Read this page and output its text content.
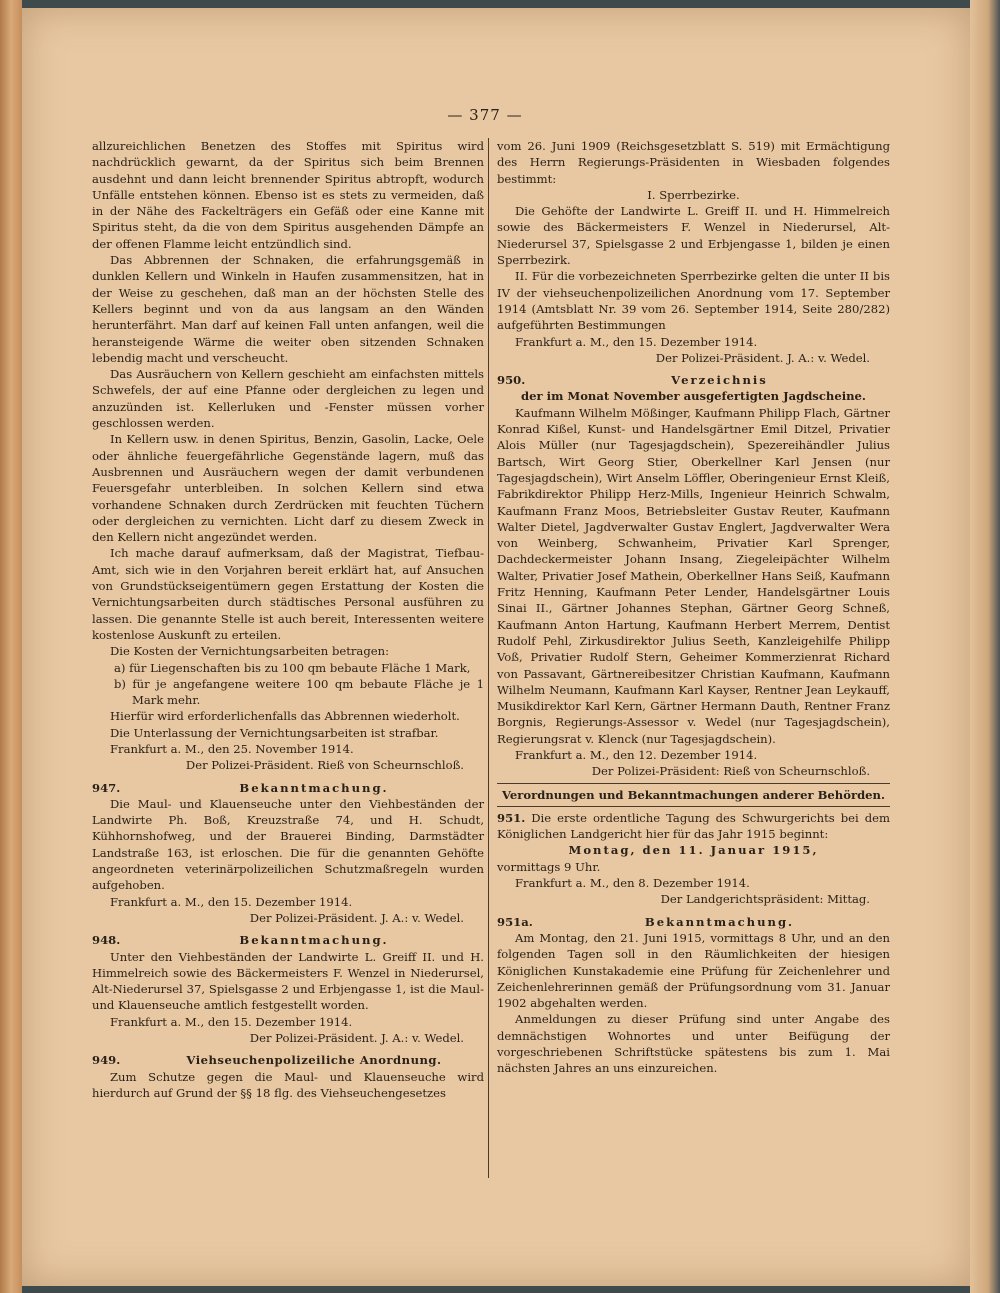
— 377 —

allzureichlichen Benetzen des Stoffes mit Spiritus wird nachdrücklich gewarnt, da der Spiritus sich beim Brennen ausdehnt und dann leicht brennender Spiritus abtropft, wodurch Unfälle entstehen können. Ebenso ist es stets zu vermeiden, daß in der Nähe des Fackelträgers ein Gefäß oder eine Kanne mit Spiritus steht, da die von dem Spiritus ausgehenden Dämpfe an der offenen Flamme leicht entzündlich sind.

Das Abbrennen der Schnaken, die erfahrungsgemäß in dunklen Kellern und Winkeln in Haufen zusammensitzen, hat in der Weise zu geschehen, daß man an der höchsten Stelle des Kellers beginnt und von da aus langsam an den Wänden herunterfährt. Man darf auf keinen Fall unten anfangen, weil die heransteigende Wärme die weiter oben sitzenden Schnaken lebendig macht und verscheucht.

Das Ausräuchern von Kellern geschieht am einfachsten mittels Schwefels, der auf eine Pfanne oder dergleichen zu legen und anzuzünden ist. Kellerluken und -Fenster müssen vorher geschlossen werden.

In Kellern usw. in denen Spiritus, Benzin, Gasolin, Lacke, Oele oder ähnliche feuergefährliche Gegenstände lagern, muß das Ausbrennen und Ausräuchern wegen der damit verbundenen Feuersgefahr unterbleiben. In solchen Kellern sind etwa vorhandene Schnaken durch Zerdrücken mit feuchten Tüchern oder dergleichen zu vernichten. Licht darf zu diesem Zweck in den Kellern nicht angezündet werden.

Ich mache darauf aufmerksam, daß der Magistrat, Tiefbau-Amt, sich wie in den Vorjahren bereit erklärt hat, auf Ansuchen von Grundstückseigentümern gegen Erstattung der Kosten die Vernichtungsarbeiten durch städtisches Personal ausführen zu lassen. Die genannte Stelle ist auch bereit, Interessenten weitere kostenlose Auskunft zu erteilen.

Die Kosten der Vernichtungsarbeiten betragen:

a) für Liegenschaften bis zu 100 qm bebaute Fläche 1 Mark,

b) für je angefangene weitere 100 qm bebaute Fläche je 1 Mark mehr.

Hierfür wird erforderlichenfalls das Abbrennen wiederholt.

Die Unterlassung der Vernichtungsarbeiten ist strafbar.

Frankfurt a. M., den 25. November 1914.

Der Polizei-Präsident. Rieß von Scheurnschloß.

947.	Bekanntmachung.

Die Maul- und Klauenseuche unter den Viehbeständen der Landwirte Ph. Boß, Kreuzstraße 74, und H. Schudt, Kühhornshofweg, und der Brauerei Binding, Darmstädter Landstraße 163, ist erloschen. Die für die genannten Gehöfte angeordneten veterinärpolizeilichen Schutzmaßregeln wurden aufgehoben.

Frankfurt a. M., den 15. Dezember 1914.

Der Polizei-Präsident. J. A.: v. Wedel.

948.	Bekanntmachung.

Unter den Viehbeständen der Landwirte L. Greiff II. und H. Himmelreich sowie des Bäckermeisters F. Wenzel in Niederursel, Alt-Niederursel 37, Spielsgasse 2 und Erbjengasse 1, ist die Maul- und Klauenseuche amtlich festgestellt worden.

Frankfurt a. M., den 15. Dezember 1914.

Der Polizei-Präsident. J. A.: v. Wedel.

949.	Viehseuchenpolizeiliche Anordnung.

Zum Schutze gegen die Maul- und Klauenseuche wird hierdurch auf Grund der §§ 18 flg. des Viehseuchengesetzes

vom 26. Juni 1909 (Reichsgesetzblatt S. 519) mit Ermächtigung des Herrn Regierungs-Präsidenten in Wiesbaden folgendes bestimmt:

I. Sperrbezirke.

Die Gehöfte der Landwirte L. Greiff II. und H. Himmelreich sowie des Bäckermeisters F. Wenzel in Niederursel, Alt-Niederursel 37, Spielsgasse 2 und Erbjengasse 1, bilden je einen Sperrbezirk.

II. Für die vorbezeichneten Sperrbezirke gelten die unter II bis IV der viehseuchenpolizeilichen Anordnung vom 17. September 1914 (Amtsblatt Nr. 39 vom 26. September 1914, Seite 280/282) aufgeführten Bestimmungen

Frankfurt a. M., den 15. Dezember 1914.

Der Polizei-Präsident. J. A.: v. Wedel.

950.	Verzeichnis

der im Monat November ausgefertigten Jagdscheine.

Kaufmann Wilhelm Mößinger, Kaufmann Philipp Flach, Gärtner Konrad Kißel, Kunst- und Handelsgärtner Emil Ditzel, Privatier Alois Müller (nur Tagesjagdschein), Spezereihändler Julius Bartsch, Wirt Georg Stier, Oberkellner Karl Jensen (nur Tagesjagdschein), Wirt Anselm Löffler, Oberingenieur Ernst Kleiß, Fabrikdirektor Philipp Herz-Mills, Ingenieur Heinrich Schwalm, Kaufmann Franz Moos, Betriebsleiter Gustav Reuter, Kaufmann Walter Dietel, Jagdverwalter Gustav Englert, Jagdverwalter Wera von Weinberg, Schwanheim, Privatier Karl Sprenger, Dachdeckermeister Johann Insang, Ziegeleipächter Wilhelm Walter, Privatier Josef Mathein, Oberkellner Hans Seiß, Kaufmann Fritz Henning, Kaufmann Peter Lender, Handelsgärtner Louis Sinai II., Gärtner Johannes Stephan, Gärtner Georg Schneß, Kaufmann Anton Hartung, Kaufmann Herbert Merrem, Dentist Rudolf Pehl, Zirkusdirektor Julius Seeth, Kanzleigehilfe Philipp Voß, Privatier Rudolf Stern, Geheimer Kommerzienrat Richard von Passavant, Gärtnereibesitzer Christian Kaufmann, Kaufmann Wilhelm Neumann, Kaufmann Karl Kayser, Rentner Jean Leykauff, Musikdirektor Karl Kern, Gärtner Hermann Dauth, Rentner Franz Borgnis, Regierungs-Assessor v. Wedel (nur Tagesjagdschein), Regierungsrat v. Klenck (nur Tagesjagdschein).

Frankfurt a. M., den 12. Dezember 1914.

Der Polizei-Präsident: Rieß von Scheurnschloß.

Verordnungen und Bekanntmachungen anderer Behörden.

951. Die erste ordentliche Tagung des Schwurgerichts bei dem Königlichen Landgericht hier für das Jahr 1915 beginnt:

Montag, den 11. Januar 1915,

vormittags 9 Uhr.

Frankfurt a. M., den 8. Dezember 1914.

Der Landgerichtspräsident: Mittag.

951a.	Bekanntmachung.

Am Montag, den 21. Juni 1915, vormittags 8 Uhr, und an den folgenden Tagen soll in den Räumlichkeiten der hiesigen Königlichen Kunstakademie eine Prüfung für Zeichenlehrer und Zeichenlehrerinnen gemäß der Prüfungsordnung vom 31. Januar 1902 abgehalten werden.

Anmeldungen zu dieser Prüfung sind unter Angabe des demnächstigen Wohnortes und unter Beifügung der vorgeschriebenen Schriftstücke spätestens bis zum 1. Mai nächsten Jahres an uns einzureichen.
